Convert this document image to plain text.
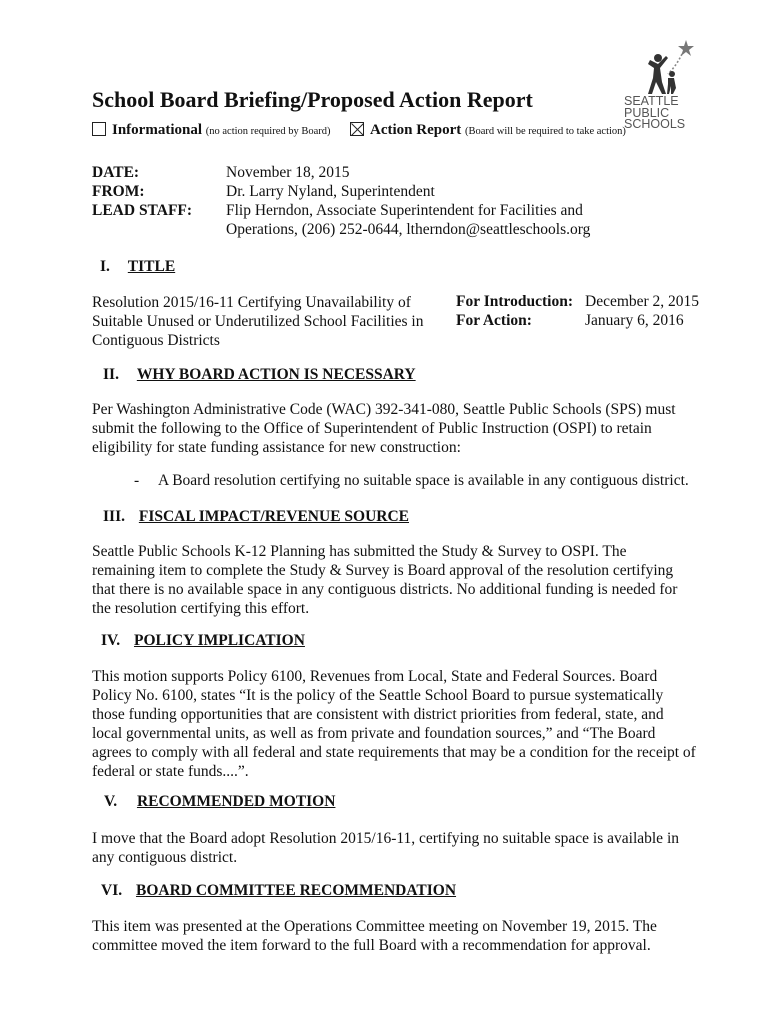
SEATTLE
PUBLIC
SCHOOLS
School Board Briefing/Proposed Action Report
Informational (no action required by Board)	Action Report (Board will be required to take action)
DATE:	November 18, 2015
FROM:	Dr. Larry Nyland, Superintendent
LEAD STAFF: Flip Herndon, Associate Superintendent for Facilities and
Operations, (206) 252-0644, ltherndon@seattleschools.org
I. TITLE
Resolution 2015/16-11 Certifying Unavailability of
Suitable Unused or Underutilized School Facilities in
Contiguous Districts
For Introduction: December 2, 2015
For Action:	January 6, 2016
II. WHY BOARD ACTION IS NECESSARY
Per Washington Administrative Code (WAC) 392-341-080, Seattle Public Schools (SPS) must
submit the following to the Office of Superintendent of Public Instruction (OSPI) to retain
eligibility for state funding assistance for new construction:
- A Board resolution certifying no suitable space is available in any contiguous district.
III. FISCAL IMPACT/REVENUE SOURCE
Seattle Public Schools K-12 Planning has submitted the Study & Survey to OSPI. The
remaining item to complete the Study & Survey is Board approval of the resolution certifying
that there is no available space in any contiguous districts. No additional funding is needed for
the resolution certifying this effort.
IV. POLICY IMPLICATION
This motion supports Policy 6100, Revenues from Local, State and Federal Sources. Board
Policy No. 6100, states “It is the policy of the Seattle School Board to pursue systematically
those funding opportunities that are consistent with district priorities from federal, state, and
local governmental units, as well as from private and foundation sources,” and “The Board
agrees to comply with all federal and state requirements that may be a condition for the receipt of
federal or state funds....”.
V. RECOMMENDED MOTION
I move that the Board adopt Resolution 2015/16-11, certifying no suitable space is available in
any contiguous district.
VI. BOARD COMMITTEE RECOMMENDATION
This item was presented at the Operations Committee meeting on November 19, 2015. The
committee moved the item forward to the full Board with a recommendation for approval.
